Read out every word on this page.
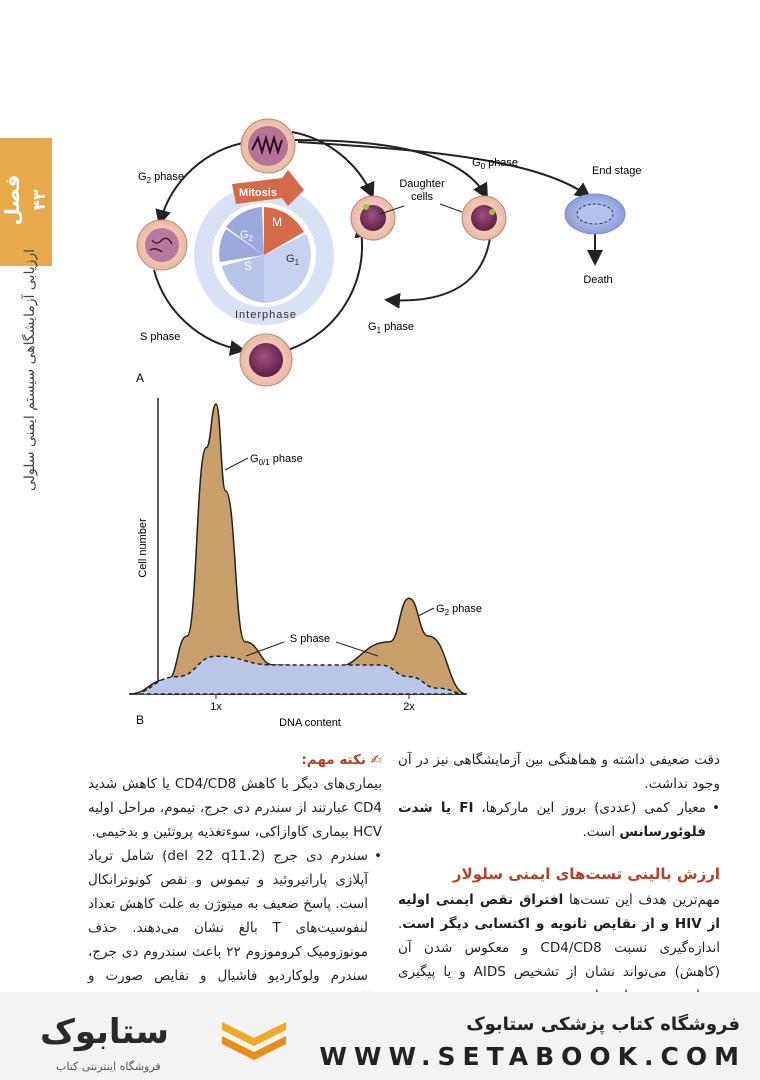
فصل ۴۳
ارزیابی آزمایشگاهی سیستم ایمنی سلولی
Mitosis
M
$G_2$
S	$G_1$
Interphase
$G_2$ phase
$G_0$ phase
Daughter
cells
End stage
Death
$G_1$ phase
S phase
A
1x	2x
DNA content
Cell number
$G_{0/1}$ phase
S phase
$G_2$ phase
B

دقت ضعیفی داشته و هماهنگی بین آزمایشگاهی نیز در آن وجود نداشت.

• معیار کمی (عددی) بروز این مارکرها، FI یا شدت فلوئورسانس است.

ارزش بالینی تست‌های ایمنی سلولار

مهم‌ترین هدف این تست‌ها افتراق نقص ایمنی اولیه از HIV و از نقایص ثانویه و اکتسابی دیگر است. اندازه‌گیری نسبت CD4/CD8 و معکوس شدن آن (کاهش) می‌تواند نشان از تشخیص AIDS و یا پیگیری

✍ نکته مهم:

بیماری‌های دیگر با کاهش CD4/CD8 یا کاهش شدید CD4 عبارتند از سندرم دی جرج، تیموم، مراحل اولیه HCV بیماری کاوازاکی، سوءتغذیه پروتئین و بدخیمی.

• سندرم دی جرج (del 22 q11.2) شامل تریاد آپلازی پاراتیروئید و تیموس و نقص کونوترانکال است. پاسخ ضعیف به میتوژن به علت کاهش تعداد لنفوسیت‌های T بالغ نشان می‌دهند. حذف مونوزومیک کروموزوم ۲۲ باعث سندروم دی جرج، سندرم ولوکاردیو فاشیال و نقایص صورت و

ستابوک
فروشگاه اینترنتی کتاب
فروشگاه کتاب پزشکی ستابوک
WWW.SETABOOK.COM
